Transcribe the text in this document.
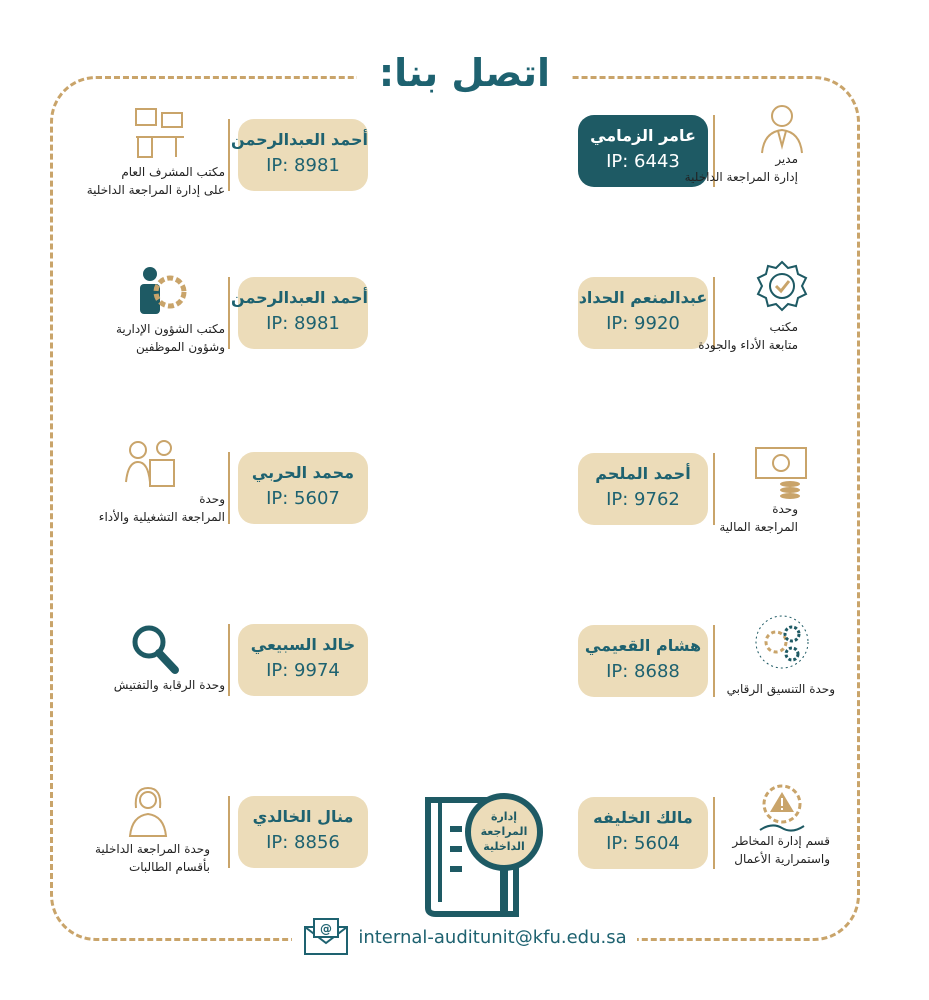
اتصل بنا:
عامر الزمامي
IP: 6443	مدير
إدارة المراجعة الداخلية
عبدالمنعم الحداد
IP: 9920	مكتب
متابعة الأداء والجودة
أحمد الملحم
IP: 9762	وحدة
المراجعة المالية
هشام القعيمي
IP: 8688
وحدة التنسيق الرقابي
مالك الخليفه
IP: 5604	قسم إدارة المخاطر
واستمرارية الأعمال
أحمد العبدالرحمن
IP: 8981
مكتب المشرف العام
على إدارة المراجعة الداخلية
أحمد العبدالرحمن
IP: 8981
مكتب الشؤون الإدارية
وشؤون الموظفين
محمد الحربي
IP: 5607
وحدة
المراجعة التشغيلية والأداء
خالد السبيعي
IP: 9974
وحدة الرقابة والتفتيش
منال الخالدي
IP: 8856
وحدة المراجعة الداخلية
بأقسام الطالبات
إدارة
المراجعة
الداخلية
@ internal-auditunit@kfu.edu.sa
